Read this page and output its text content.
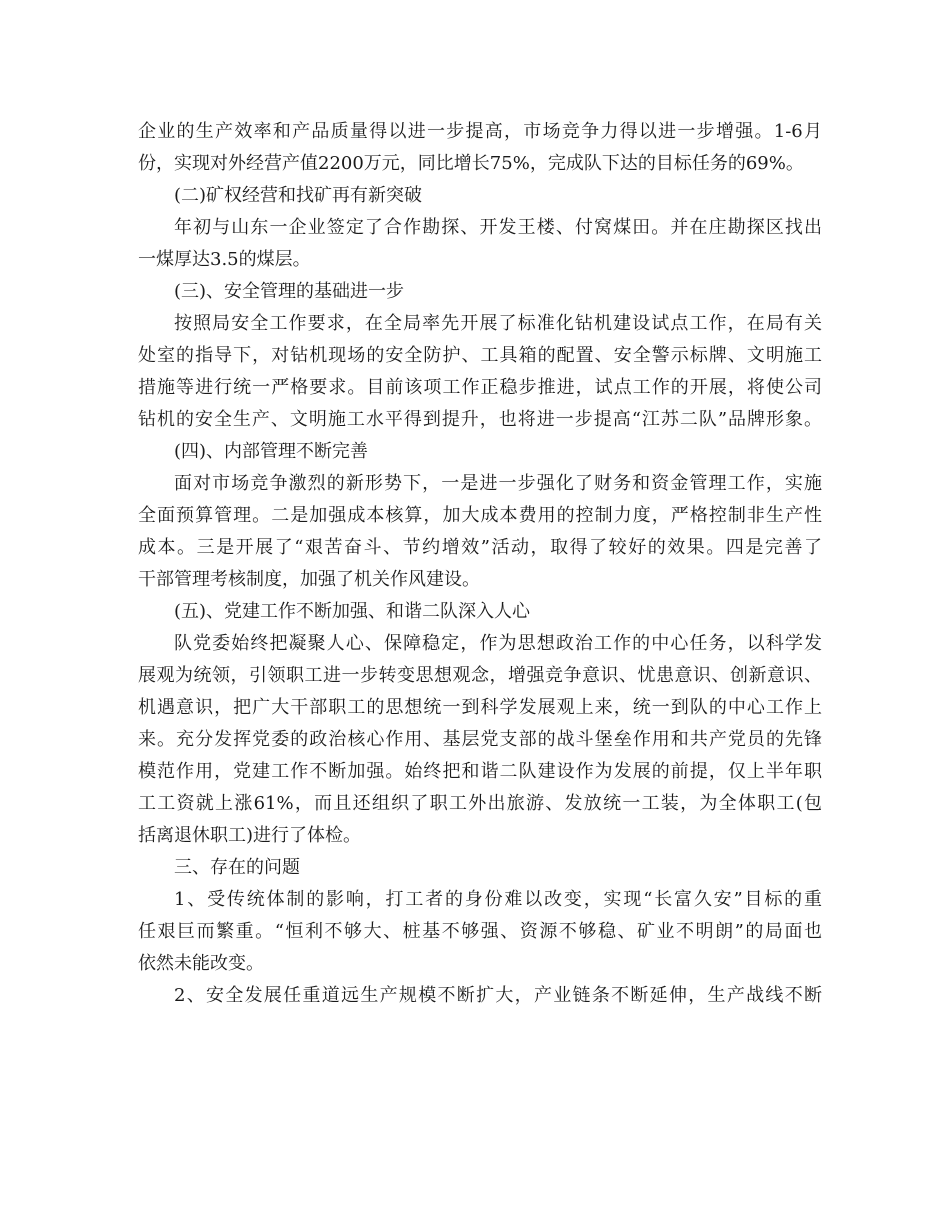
企业的生产效率和产品质量得以进一步提高，市场竞争力得以进一步增强。1-6月
份，实现对外经营产值2200万元，同比增长75%，完成队下达的目标任务的69%。
(二)矿权经营和找矿再有新突破
年初与山东一企业签定了合作勘探、开发王楼、付窝煤田。并在庄勘探区找出
一煤厚达3.5的煤层。
(三)、安全管理的基础进一步
按照局安全工作要求，在全局率先开展了标准化钻机建设试点工作，在局有关
处室的指导下，对钻机现场的安全防护、工具箱的配置、安全警示标牌、文明施工
措施等进行统一严格要求。目前该项工作正稳步推进，试点工作的开展，将使公司
钻机的安全生产、文明施工水平得到提升，也将进一步提高“江苏二队”品牌形象。
(四)、内部管理不断完善
面对市场竞争激烈的新形势下，一是进一步强化了财务和资金管理工作，实施
全面预算管理。二是加强成本核算，加大成本费用的控制力度，严格控制非生产性
成本。三是开展了“艰苦奋斗、节约增效”活动，取得了较好的效果。四是完善了
干部管理考核制度，加强了机关作风建设。
(五)、党建工作不断加强、和谐二队深入人心
队党委始终把凝聚人心、保障稳定，作为思想政治工作的中心任务，以科学发
展观为统领，引领职工进一步转变思想观念，增强竞争意识、忧患意识、创新意识、
机遇意识，把广大干部职工的思想统一到科学发展观上来，统一到队的中心工作上
来。充分发挥党委的政治核心作用、基层党支部的战斗堡垒作用和共产党员的先锋
模范作用，党建工作不断加强。始终把和谐二队建设作为发展的前提，仅上半年职
工工资就上涨61%，而且还组织了职工外出旅游、发放统一工装，为全体职工(包
括离退休职工)进行了体检。
三、存在的问题
1、受传统体制的影响，打工者的身份难以改变，实现“长富久安”目标的重
任艰巨而繁重。“恒利不够大、桩基不够强、资源不够稳、矿业不明朗”的局面也
依然未能改变。
2、安全发展任重道远生产规模不断扩大，产业链条不断延伸，生产战线不断
